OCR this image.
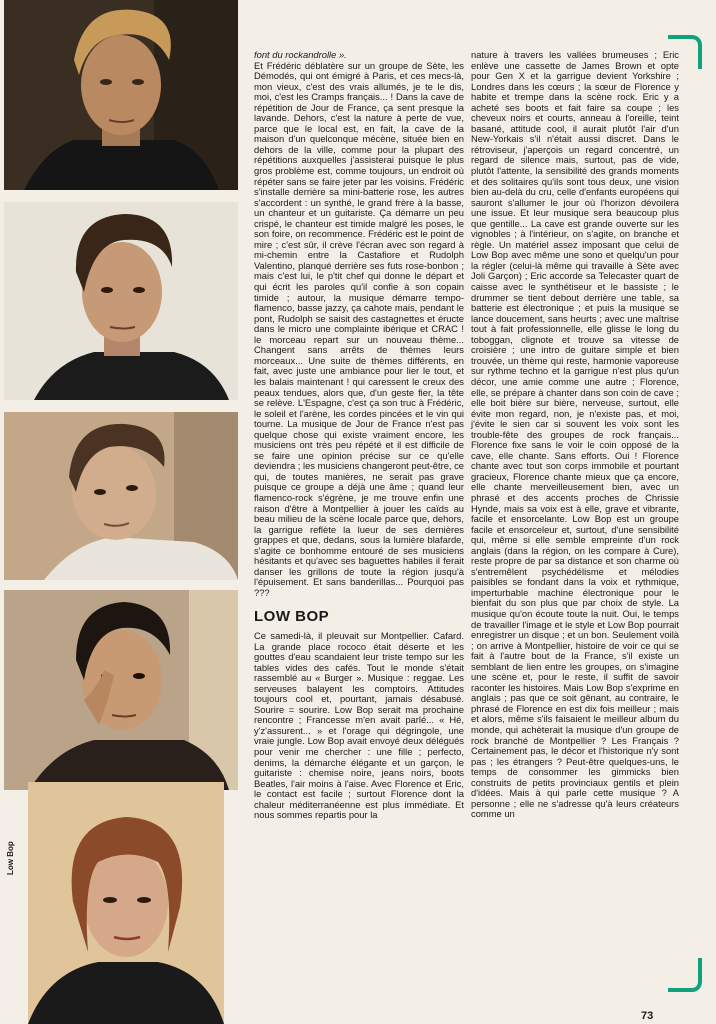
Low Bop

font du rockandrolle ».

Et Frédéric déblatère sur un groupe de Sète, les Démodés, qui ont émigré à Paris, et ces mecs-là, mon vieux, c'est des vrais allumés, je te le dis, moi, c'est les Cramps français... ! Dans la cave de répétition de Jour de France, ça sent presque la lavande. Dehors, c'est la nature à perte de vue, parce que le local est, en fait, la cave de la maison d'un quelconque mécène, située bien en dehors de la ville, comme pour la plupart des répétitions auxquelles j'assisterai puisque le plus gros problème est, comme toujours, un endroit où répéter sans se faire jeter par les voisins. Frédéric s'installe derrière sa mini-batterie rose, les autres s'accordent : un synthé, le grand frère à la basse, un chanteur et un guitariste. Ça démarre un peu crispé, le chanteur est timide malgré les poses, le son foire, on recommence. Frédéric est le point de mire ; c'est sûr, il crève l'écran avec son regard à mi-chemin entre la Castafiore et Rudolph Valentino, planqué derrière ses futs rose-bonbon ; mais c'est lui, le p'tit chef qui donne le départ et qui écrit les paroles qu'il confie à son copain timide ; autour, la musique démarre tempo-flamenco, basse jazzy, ça cahote mais, pendant le pont, Rudolph se saisit des castagnettes et éructe dans le micro une complainte ibérique et CRAC ! le morceau repart sur un nouveau thème... Changent sans arrêts de thèmes leurs morceaux... Une suite de thèmes différents, en fait, avec juste une ambiance pour lier le tout, et les balais maintenant ! qui caressent le creux des peaux tendues, alors que, d'un geste fier, la tête se relève. L'Espagne, c'est ça son truc à Frédéric, le soleil et l'arène, les cordes pincées et le vin qui tourne. La musique de Jour de France n'est pas quelque chose qui existe vraiment encore, les musiciens ont très peu répété et il est difficile de se faire une opinion précise sur ce qu'elle deviendra ; les musiciens changeront peut-être, ce qui, de toutes manières, ne serait pas grave puisque ce groupe a déjà une âme ; quand leur flamenco-rock s'égrène, je me trouve enfin une raison d'être à Montpellier à jouer les caïds au beau milieu de la scène locale parce que, dehors, la garrigue reflète la lueur de ses dernières grappes et que, dedans, sous la lumière blafarde, s'agite ce bonhomme entouré de ses musiciens hésitants et qu'avec ses baguettes habiles il ferait danser les grillons de toute la région jusqu'à l'épuisement. Et sans banderillas... Pourquoi pas ???

LOW BOP

Ce samedi-là, il pleuvait sur Montpellier. Cafard. La grande place rococo était déserte et les gouttes d'eau scandaient leur triste tempo sur les tables vides des cafés. Tout le monde s'était rassemblé au « Burger ». Musique : reggae. Les serveuses balayent les comptoirs. Attitudes toujours cool et, pourtant, jamais désabusé. Sourire = sourire. Low Bop serait ma prochaine rencontre ; Francesse m'en avait parlé... « Hé, y'z'assurent... » et l'orage qui dégringole, une vraie jungle. Low Bop avait envoyé deux délégués pour venir me chercher : une fille ; perfecto, denims, la démarche élégante et un garçon, le guitariste : chemise noire, jeans noirs, boots Beatles, l'air moins à l'aise. Avec Florence et Eric, le contact est facile ; surtout Florence dont la chaleur méditerranéenne est plus immédiate. Et nous sommes repartis pour la

nature à travers les vallées brumeuses ; Eric enlève une cassette de James Brown et opte pour Gen X et la garrigue devient Yorkshire ; Londres dans les cœurs ; la sœur de Florence y habite et trempe dans la scène rock. Eric y a acheté ses boots et fait faire sa coupe ; les cheveux noirs et courts, anneau à l'oreille, teint basané, attitude cool, il aurait plutôt l'air d'un New-Yorkais s'il n'était aussi discret. Dans le rétroviseur, j'aperçois un regard concentré, un regard de silence mais, surtout, pas de vide, plutôt l'attente, la sensibilité des grands moments et des solitaires qu'ils sont tous deux, une vision bien au-delà du cru, celle d'enfants européens qui sauront s'allumer le jour où l'horizon dévoilera une issue. Et leur musique sera beaucoup plus que gentille... La cave est grande ouverte sur les vignobles ; à l'intérieur, on s'agite, on branche et règle. Un matériel assez imposant que celui de Low Bop avec même une sono et quelqu'un pour la régler (celui-là même qui travaille à Sète avec Joli Garçon) ; Eric accorde sa Telecaster quart de caisse avec le synthétiseur et le bassiste ; le drummer se tient debout derrière une table, sa batterie est électronique ; et puis la musique se lance doucement, sans heurts ; avec une maîtrise tout à fait professionnelle, elle glisse le long du toboggan, clignote et trouve sa vitesse de croisière ; une intro de guitare simple et bien trouvée, un thème qui reste, harmonie vaporeuse sur rythme techno et la garrigue n'est plus qu'un décor, une amie comme une autre ; Florence, elle, se prépare à chanter dans son coin de cave ; elle boit bière sur bière, nerveuse, surtout, elle évite mon regard, non, je n'existe pas, et moi, j'évite le sien car si souvent les voix sont les trouble-fête des groupes de rock français... Florence fixe sans le voir le coin opposé de la cave, elle chante. Sans efforts. Oui ! Florence chante avec tout son corps immobile et pourtant gracieux, Florence chante mieux que ça encore, elle chante merveilleusement bien, avec un phrasé et des accents proches de Chrissie Hynde, mais sa voix est à elle, grave et vibrante, facile et ensorcelante. Low Bop est un groupe facile et ensorceleur et, surtout, d'une sensibilité qui, même si elle semble empreinte d'un rock anglais (dans la région, on les compare à Cure), reste propre de par sa distance et son charme où s'entremêlent psychédélisme et mélodies paisibles se fondant dans la voix et rythmique, imperturbable machine électronique pour le bienfait du son plus que par choix de style. La musique qu'on écoute toute la nuit. Oui, le temps de travailler l'image et le style et Low Bop pourrait enregistrer un disque ; et un bon. Seulement voilà ; on arrive à Montpellier, histoire de voir ce qui se fait à l'autre bout de la France, s'il existe un semblant de lien entre les groupes, on s'imagine une scène et, pour le reste, il suffit de savoir raconter les histoires. Mais Low Bop s'exprime en anglais ; pas que ce soit gênant, au contraire, le phrasé de Florence en est dix fois meilleur ; mais et alors, même s'ils faisaient le meilleur album du monde, qui achèterait la musique d'un groupe de rock branché de Montpellier ? Les Français ? Certainement pas, le décor et l'historique n'y sont pas ; les étrangers ? Peut-être quelques-uns, le temps de consommer les gimmicks bien construits de petits provinciaux gentils et plein d'idées. Mais à qui parle cette musique ? A personne ; elle ne s'adresse qu'à leurs créateurs comme un

73
